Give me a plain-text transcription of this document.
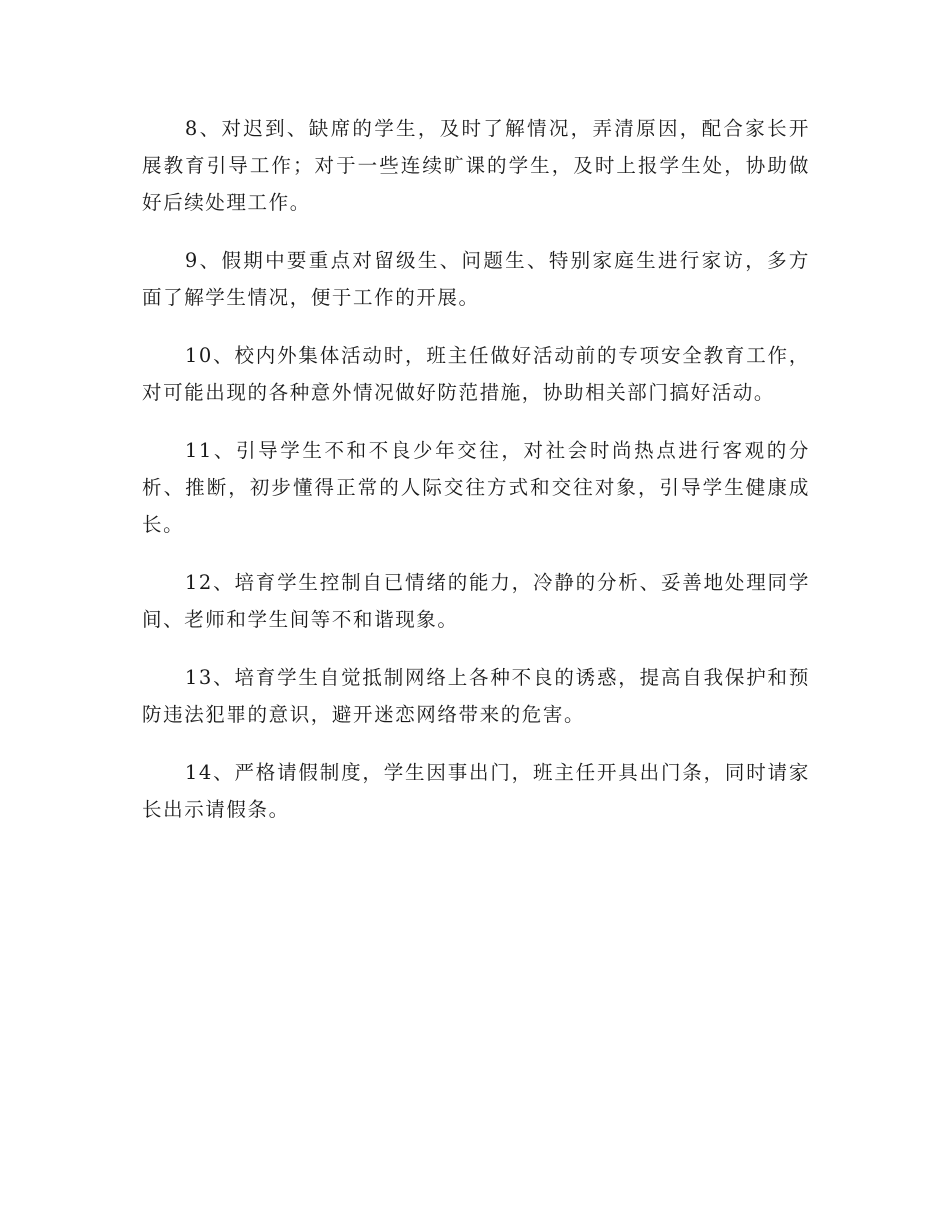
8、对迟到、缺席的学生，及时了解情况，弄清原因，配合家长开展教育引导工作；对于一些连续旷课的学生，及时上报学生处，协助做好后续处理工作。

9、假期中要重点对留级生、问题生、特别家庭生进行家访，多方面了解学生情况，便于工作的开展。

10、校内外集体活动时，班主任做好活动前的专项安全教育工作，对可能出现的各种意外情况做好防范措施，协助相关部门搞好活动。

11、引导学生不和不良少年交往，对社会时尚热点进行客观的分析、推断，初步懂得正常的人际交往方式和交往对象，引导学生健康成长。

12、培育学生控制自已情绪的能力，冷静的分析、妥善地处理同学间、老师和学生间等不和谐现象。

13、培育学生自觉抵制网络上各种不良的诱惑，提高自我保护和预防违法犯罪的意识，避开迷恋网络带来的危害。

14、严格请假制度，学生因事出门，班主任开具出门条，同时请家长出示请假条。
